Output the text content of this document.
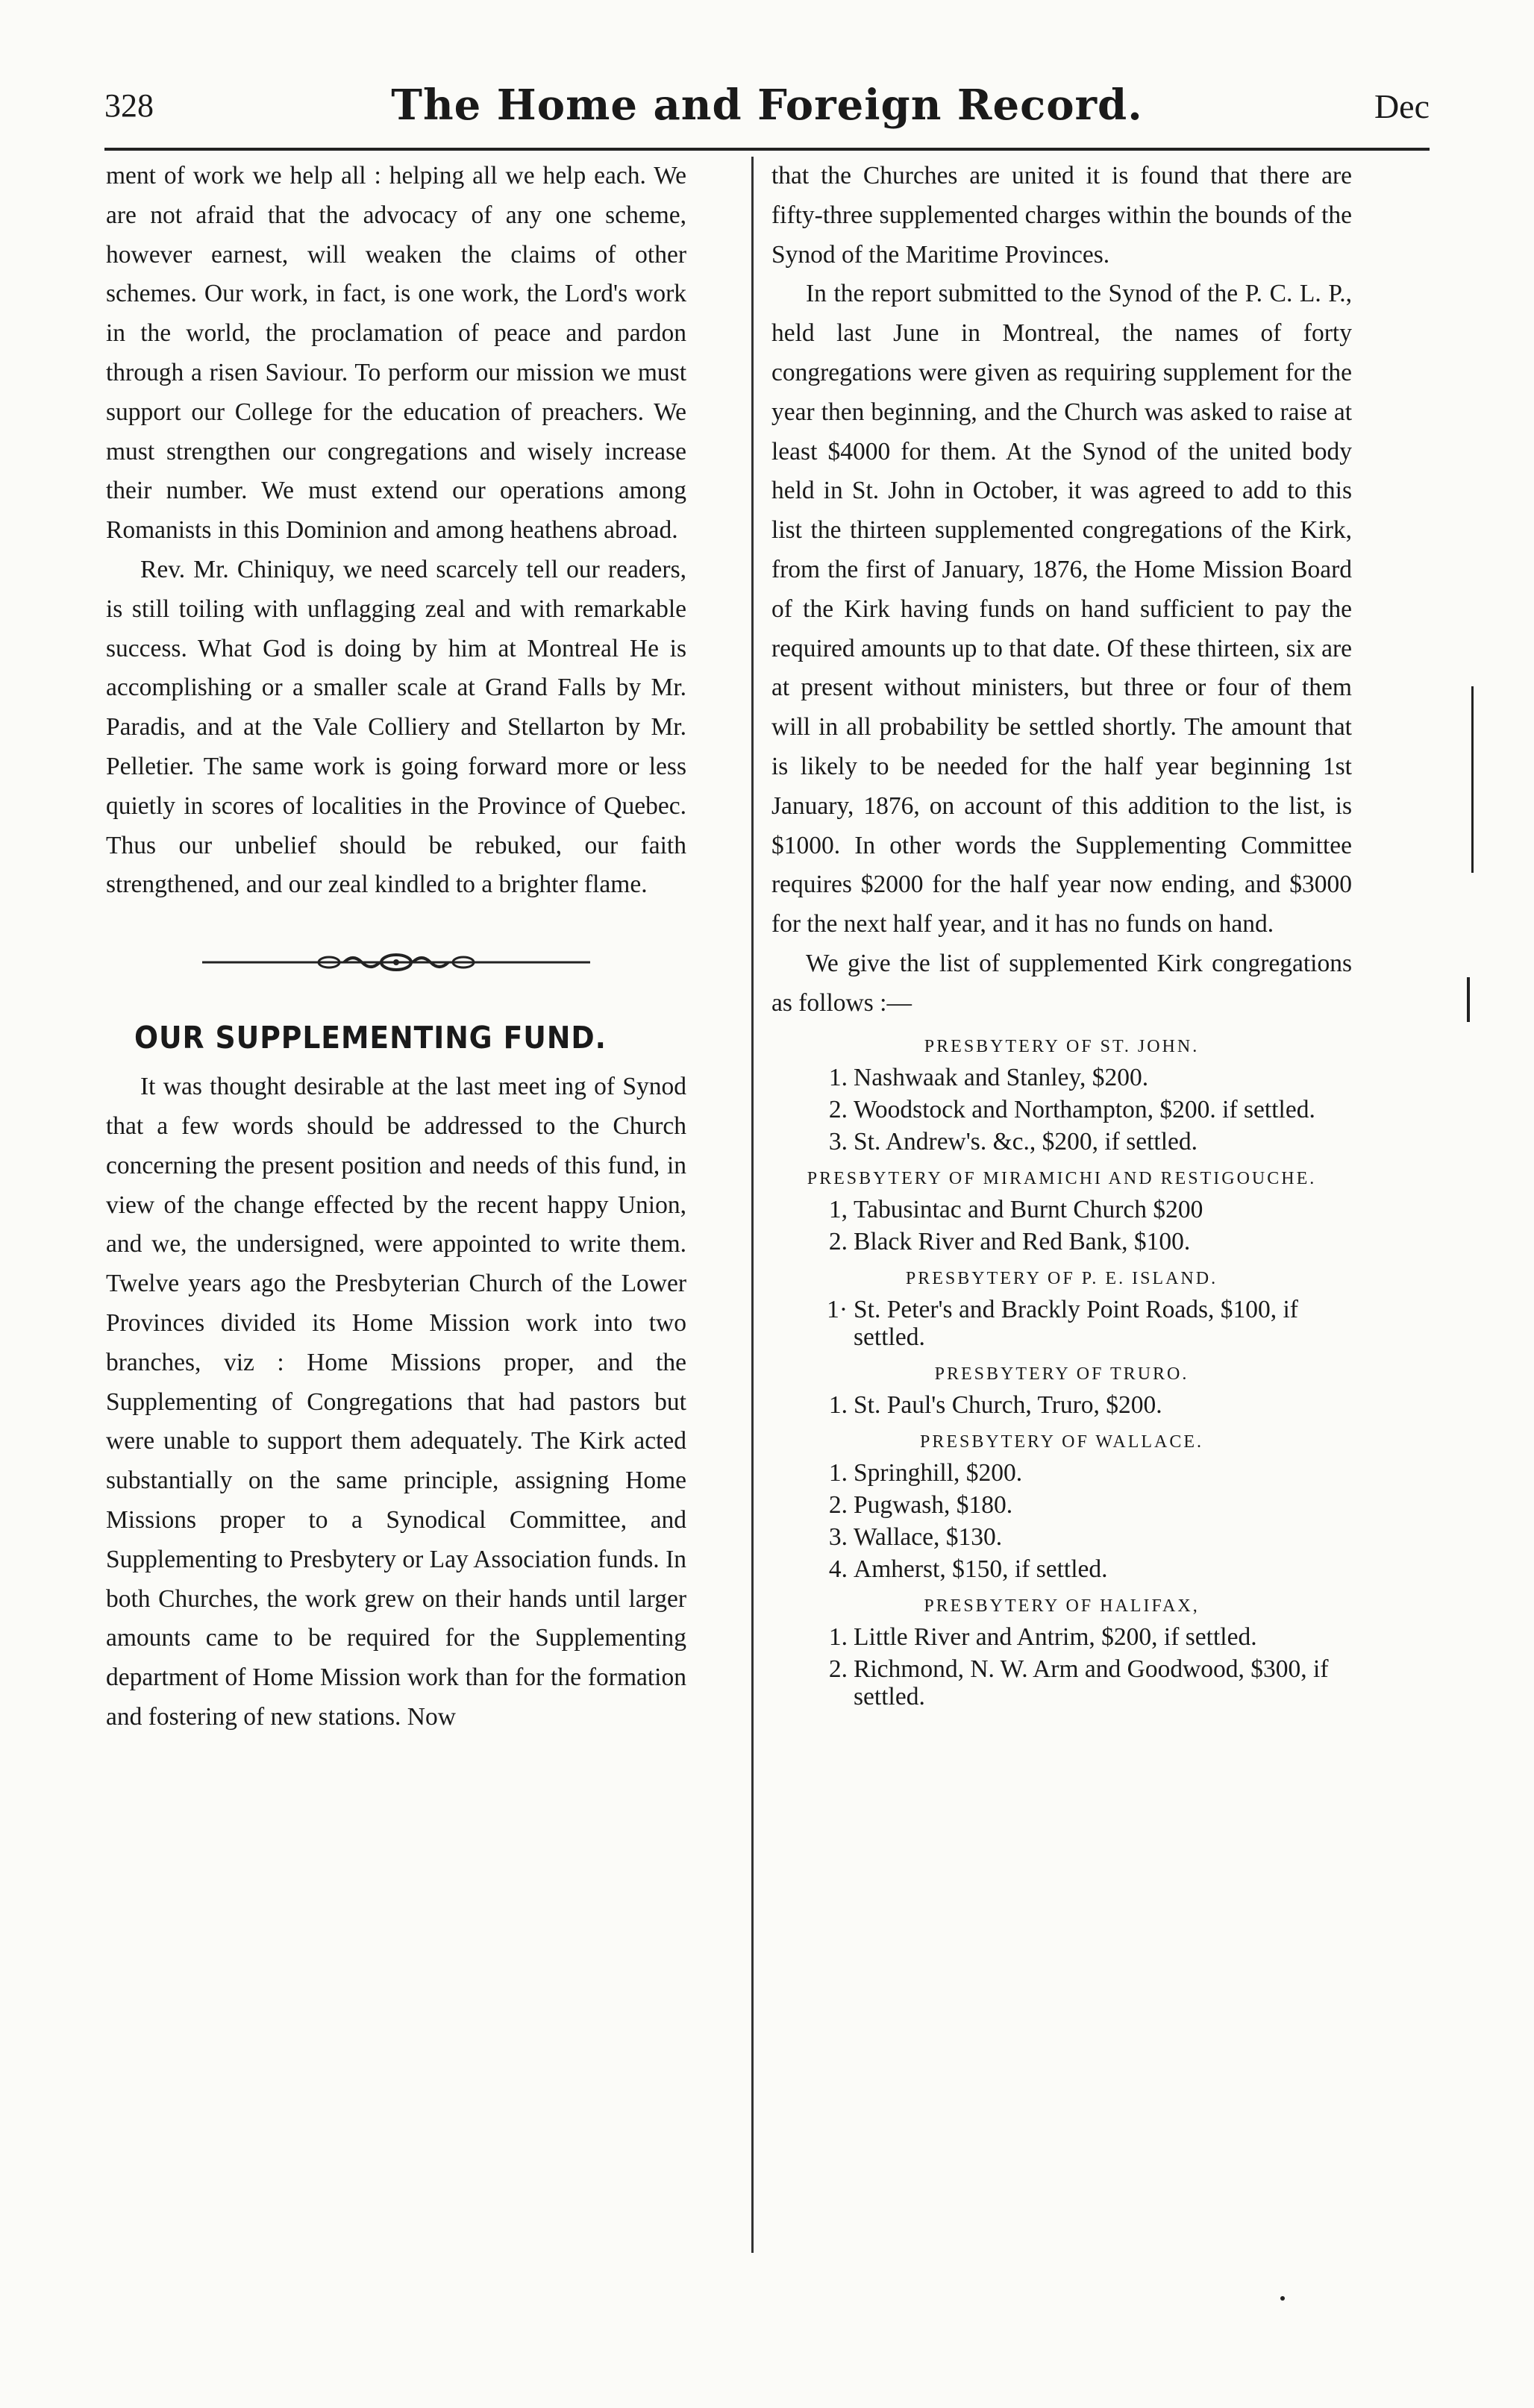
328	The Home and Foreign Record.	Dec

ment of work we help all : helping all we help each. We are not afraid that the advocacy of any one scheme, however earnest, will weaken the claims of other schemes. Our work, in fact, is one work, the Lord's work in the world, the proclamation of peace and pardon through a risen Saviour. To perform our mission we must support our College for the education of preachers. We must strengthen our congregations and wisely increase their number. We must extend our operations among Romanists in this Dominion and among heathens abroad.

Rev. Mr. Chiniquy, we need scarcely tell our readers, is still toiling with unflagging zeal and with remarkable success. What God is doing by him at Montreal He is accomplishing or a smaller scale at Grand Falls by Mr. Paradis, and at the Vale Colliery and Stellarton by Mr. Pelletier. The same work is going forward more or less quietly in scores of localities in the Province of Quebec. Thus our unbelief should be rebuked, our faith strengthened, and our zeal kindled to a brighter flame.

OUR SUPPLEMENTING FUND.

It was thought desirable at the last meet ing of Synod that a few words should be addressed to the Church concerning the present position and needs of this fund, in view of the change effected by the recent happy Union, and we, the undersigned, were appointed to write them. Twelve years ago the Presbyterian Church of the Lower Provinces divided its Home Mission work into two branches, viz : Home Missions proper, and the Supplementing of Congregations that had pastors but were unable to support them adequately. The Kirk acted substantially on the same principle, assigning Home Missions proper to a Synodical Committee, and Supplementing to Presbytery or Lay Association funds. In both Churches, the work grew on their hands until larger amounts came to be required for the Supplementing department of Home Mission work than for the formation and fostering of new stations. Now

that the Churches are united it is found that there are fifty-three supplemented charges within the bounds of the Synod of the Maritime Provinces.

In the report submitted to the Synod of the P. C. L. P., held last June in Montreal, the names of forty congregations were given as requiring supplement for the year then beginning, and the Church was asked to raise at least $4000 for them. At the Synod of the united body held in St. John in October, it was agreed to add to this list the thirteen supplemented congregations of the Kirk, from the first of January, 1876, the Home Mission Board of the Kirk having funds on hand sufficient to pay the required amounts up to that date. Of these thirteen, six are at present without ministers, but three or four of them will in all probability be settled shortly. The amount that is likely to be needed for the half year beginning 1st January, 1876, on account of this addition to the list, is $1000. In other words the Supplementing Committee requires $2000 for the half year now ending, and $3000 for the next half year, and it has no funds on hand.

We give the list of supplemented Kirk congregations as follows :—

PRESBYTERY OF ST. JOHN.
1. Nashwaak and Stanley, $200.
2. Woodstock and Northampton, $200. if settled.
3. St. Andrew's. &c., $200, if settled.
PRESBYTERY OF MIRAMICHI AND RESTIGOUCHE.
1, Tabusintac and Burnt Church $200
2. Black River and Red Bank, $100.
PRESBYTERY OF P. E. ISLAND.
1· St. Peter's and Brackly Point Roads, $100, if settled.
PRESBYTERY OF TRURO.
1. St. Paul's Church, Truro, $200.
PRESBYTERY OF WALLACE.
1. Springhill, $200.
2. Pugwash, $180.
3. Wallace, $130.
4. Amherst, $150, if settled.
PRESBYTERY OF HALIFAX,
1. Little River and Antrim, $200, if settled.
2. Richmond, N. W. Arm and Goodwood, $300, if settled.
